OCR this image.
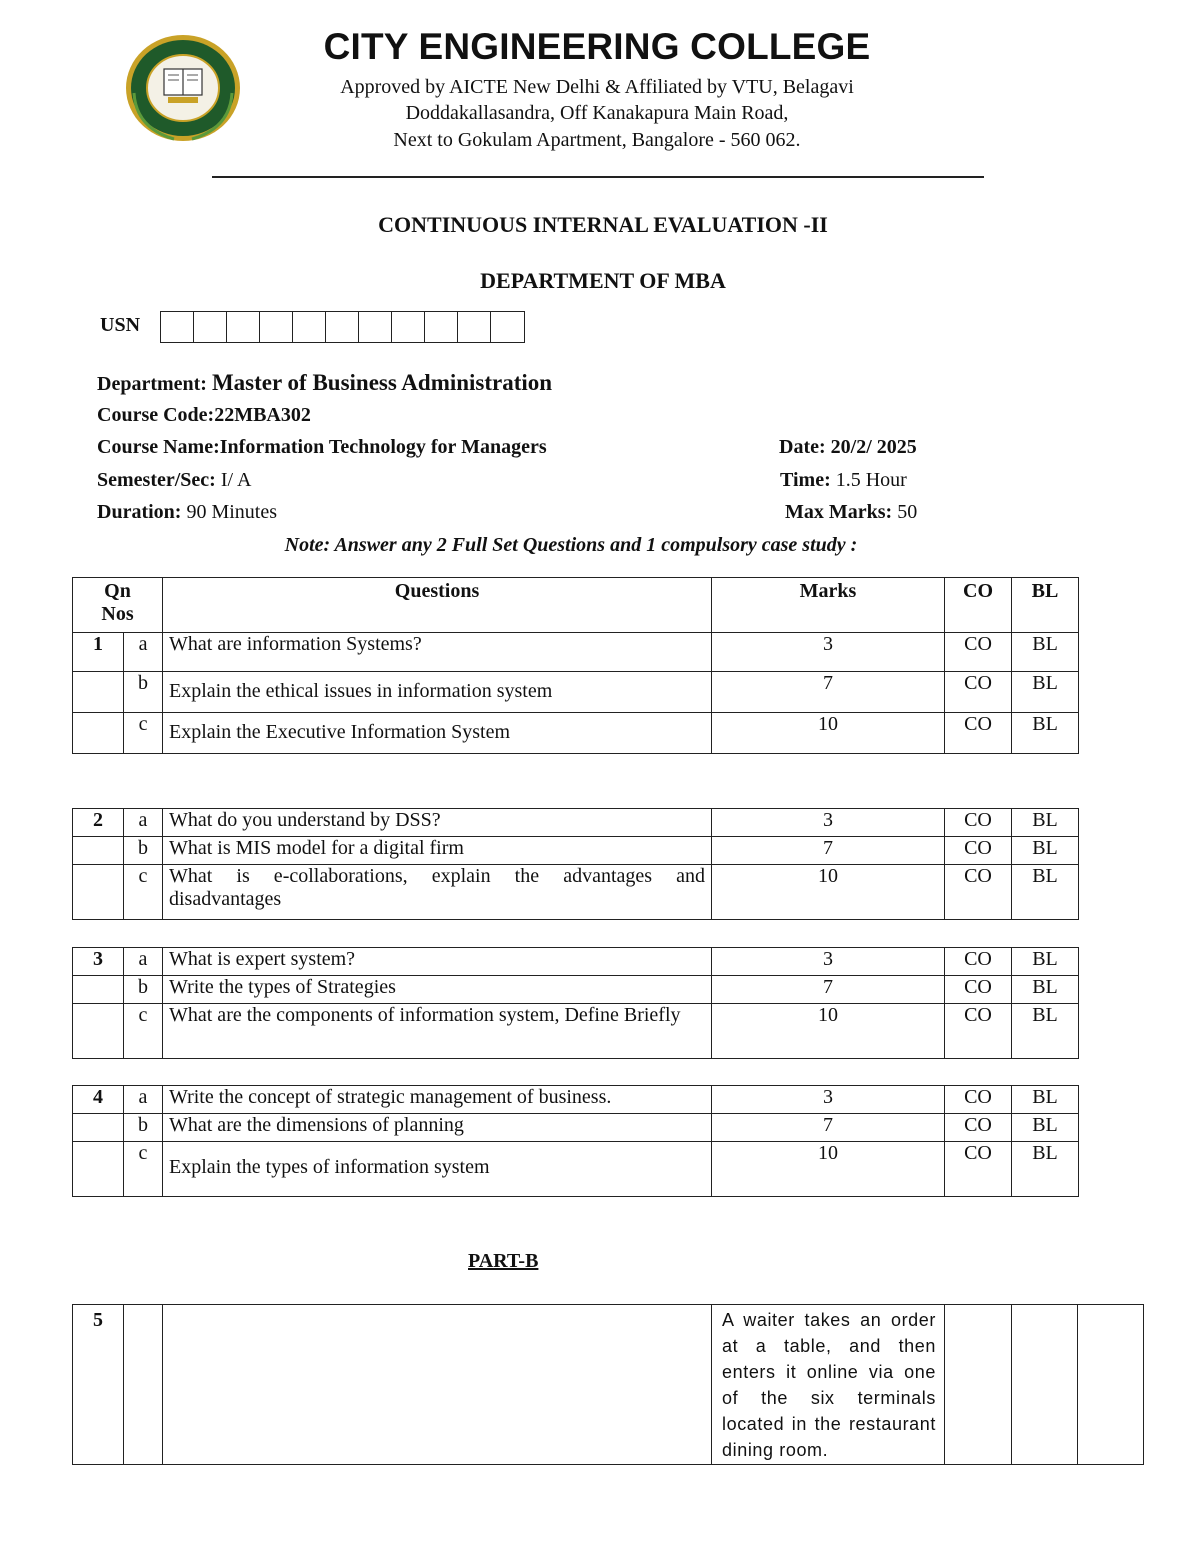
CITY ENGINEERING COLLEGE
Approved by AICTE New Delhi & Affiliated by VTU, Belagavi
Doddakallasandra, Off Kanakapura Main Road,
Next to Gokulam Apartment, Bangalore - 560 062.
CONTINUOUS INTERNAL EVALUATION -II
DEPARTMENT OF MBA
USN
Department: Master of Business Administration
Course Code:22MBA302
Course Name:Information Technology for Managers	Date: 20/2/ 2025
Semester/Sec: I/ A	Time: 1.5 Hour
Duration: 90 Minutes	Max Marks: 50
Note: Answer any 2 Full Set Questions and 1 compulsory case study :
Qn
Nos		Questions	Marks	CO	BL
1	a	What are information Systems?	3	CO	BL
	b	Explain the ethical issues in information system	7	CO	BL
	c	Explain the Executive Information System	10	CO	BL
2	a	What do you understand by DSS?	3	CO	BL
	b	What is MIS model for a digital firm	7	CO	BL
	c	What is e-collaborations, explain the advantages and disadvantages	10	CO	BL
3	a	What is expert system?	3	CO	BL
	b	Write the types of Strategies	7	CO	BL
	c	What are the components of information system, Define Briefly	10	CO	BL
4	a	Write the concept of strategic management of business.	3	CO	BL
	b	What are the dimensions of planning	7	CO	BL
	c	Explain the types of information system	10	CO	BL
PART-B
5			A waiter takes an order at a table, and then enters it online via one of the six terminals located in the restaurant dining room.			
